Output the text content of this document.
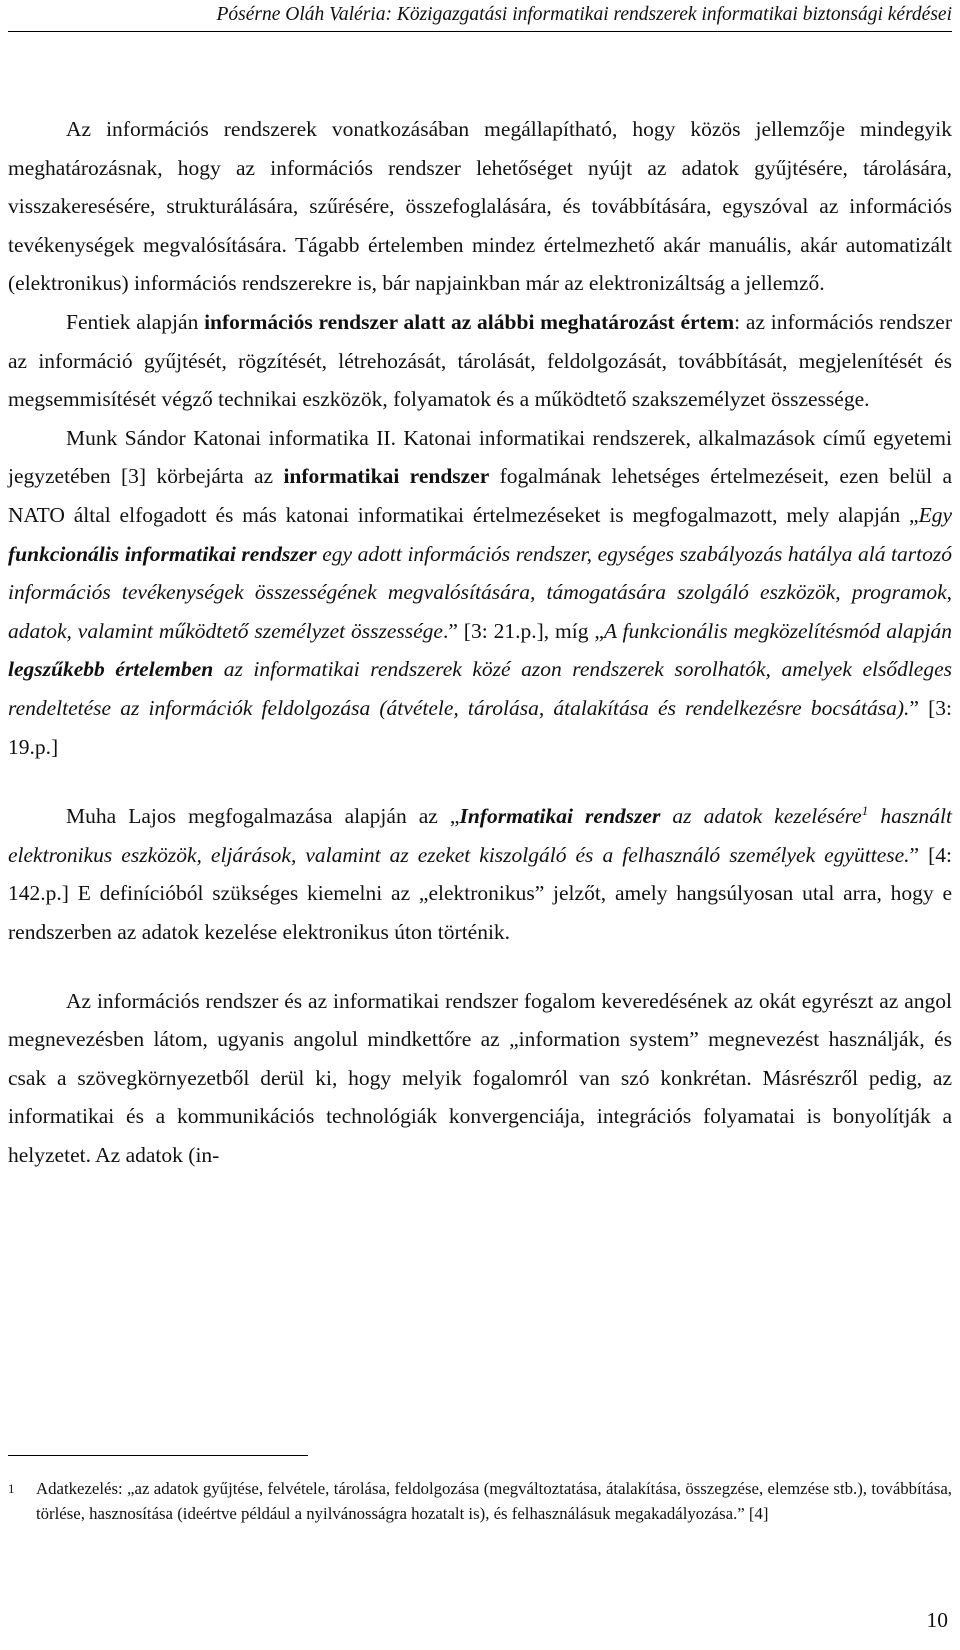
Pósérne Oláh Valéria: Közigazgatási informatikai rendszerek informatikai biztonsági kérdései

Az információs rendszerek vonatkozásában megállapítható, hogy közös jellemzője mindegyik meghatározásnak, hogy az információs rendszer lehetőséget nyújt az adatok gyűjtésére, tárolására, visszakeresésére, strukturálására, szűrésére, összefoglalására, és továbbítására, egyszóval az információs tevékenységek megvalósítására. Tágabb értelemben mindez értelmezhető akár manuális, akár automatizált (elektronikus) információs rendszerekre is, bár napjainkban már az elektronizáltság a jellemző.

Fentiek alapján információs rendszer alatt az alábbi meghatározást értem: az információs rendszer az információ gyűjtését, rögzítését, létrehozását, tárolását, feldolgozását, továbbítását, megjelenítését és megsemmisítését végző technikai eszközök, folyamatok és a működtető szakszemélyzet összessége.

Munk Sándor Katonai informatika II. Katonai informatikai rendszerek, alkalmazások című egyetemi jegyzetében [3] körbejárta az informatikai rendszer fogalmának lehetséges értelmezéseit, ezen belül a NATO által elfogadott és más katonai informatikai értelmezéseket is megfogalmazott, mely alapján „Egy funkcionális informatikai rendszer egy adott információs rendszer, egységes szabályozás hatálya alá tartozó információs tevékenységek összességének megvalósítására, támogatására szolgáló eszközök, programok, adatok, valamint működtető személyzet összessége.” [3: 21.p.], míg „A funkcionális megközelítésmód alapján legszűkebb értelemben az informatikai rendszerek közé azon rendszerek sorolhatók, amelyek elsődleges rendeltetése az információk feldolgozása (átvétele, tárolása, átalakítása és rendelkezésre bocsátása).” [3: 19.p.]

Muha Lajos megfogalmazása alapján az „Informatikai rendszer az adatok kezelésére$^1$ használt elektronikus eszközök, eljárások, valamint az ezeket kiszolgáló és a felhasználó személyek együttese.” [4: 142.p.] E definícióból szükséges kiemelni az „elektronikus” jelzőt, amely hangsúlyosan utal arra, hogy e rendszerben az adatok kezelése elektronikus úton történik.

Az információs rendszer és az informatikai rendszer fogalom keveredésének az okát egyrészt az angol megnevezésben látom, ugyanis angolul mindkettőre az „information system” megnevezést használják, és csak a szövegkörnyezetből derül ki, hogy melyik fogalomról van szó konkrétan. Másrészről pedig, az informatikai és a kommunikációs technológiák konvergenciája, integrációs folyamatai is bonyolítják a helyzetet. Az adatok (in-

1 Adatkezelés: „az adatok gyűjtése, felvétele, tárolása, feldolgozása (megváltoztatása, átalakítása, összegzése, elemzése stb.), továbbítása, törlése, hasznosítása (ideértve például a nyilvánosságra hozatalt is), és felhasználásuk megakadályozása.” [4]
10
